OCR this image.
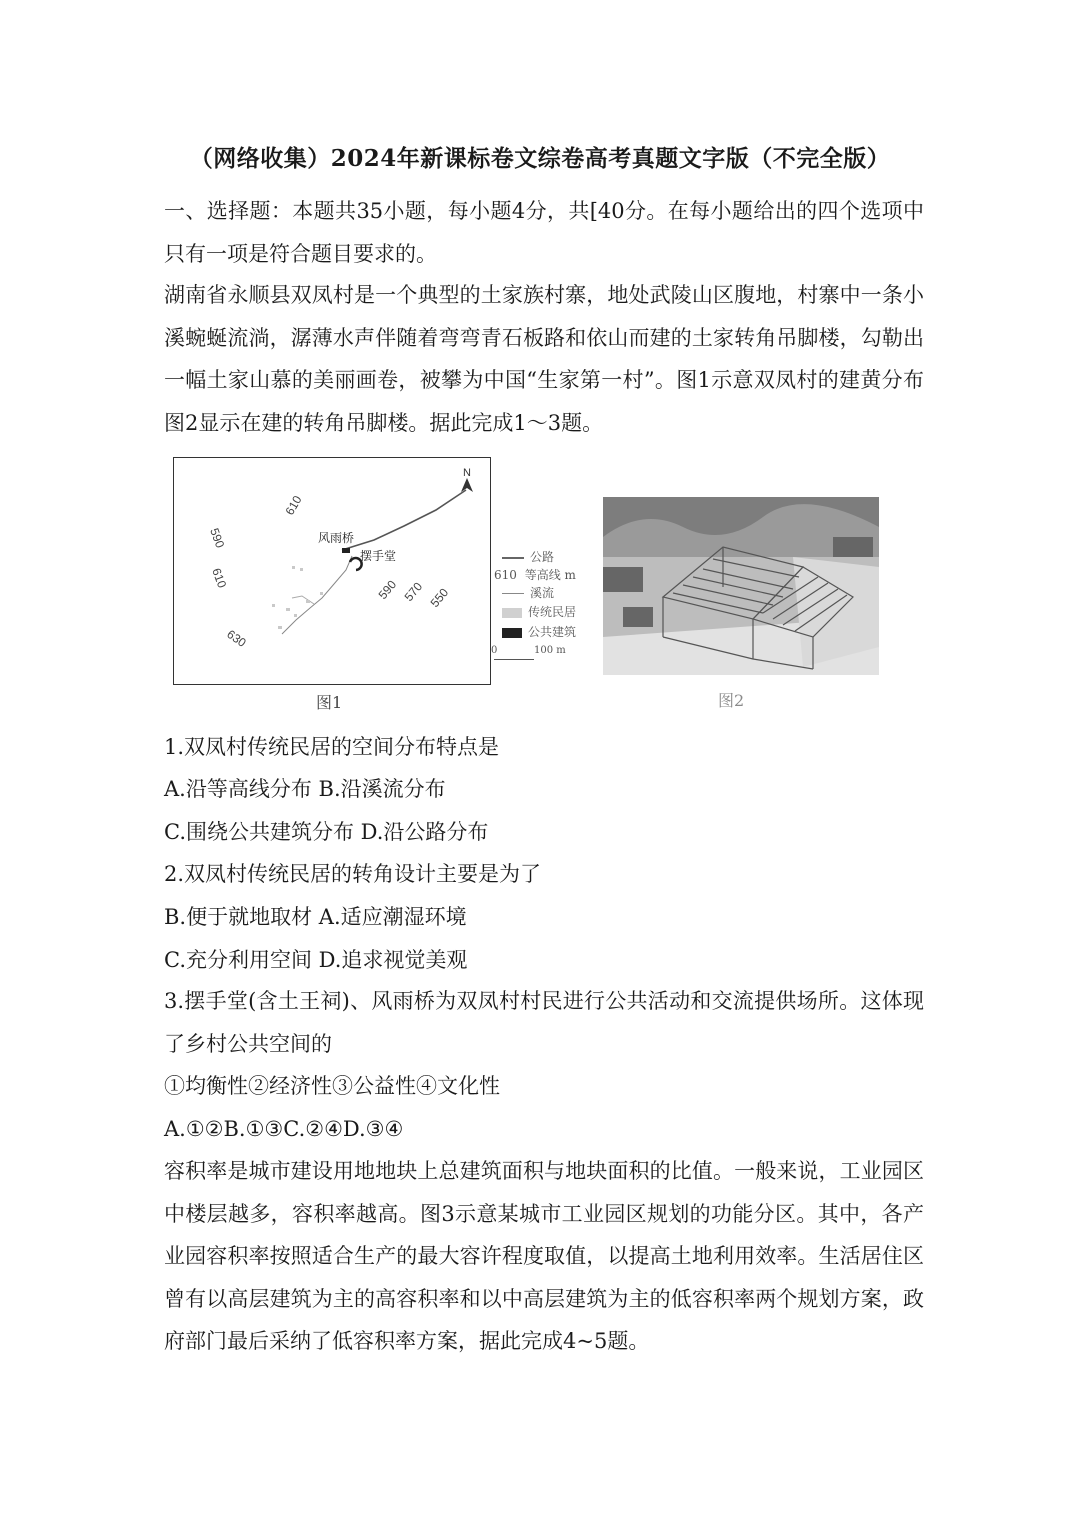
（网络收集）2024年新课标卷文综卷高考真题文字版（不完全版）

一、选择题：本题共35小题，每小题4分，共[40分。在每小题给出的四个选项中只有一项是符合题目要求的。

湖南省永顺县双凤村是一个典型的土家族村寨，地处武陵山区腹地，村寨中一条小溪蜿蜒流淌，潺薄水声伴随着弯弯青石板路和依山而建的土家转角吊脚楼，勾勒出一幅土家山慕的美丽画卷，被攀为中国“生家第一村”。图1示意双凤村的建黄分布图2显示在建的转角吊脚楼。据此完成1～3题。

N
590
610
610
590 570 550
630
风雨桥
摆手堂	公路
610 等高线 m
溪流
传统民居
公共建筑
0	100 m
图1	图2

1.双凤村传统民居的空间分布特点是

A.沿等高线分布 B.沿溪流分布

C.围绕公共建筑分布 D.沿公路分布

2.双凤村传统民居的转角设计主要是为了

B.便于就地取材 A.适应潮湿环境

C.充分利用空间 D.追求视觉美观

3.摆手堂(含土王祠)、风雨桥为双凤村村民进行公共活动和交流提供场所。这体现了乡村公共空间的

①均衡性②经济性③公益性④文化性

A.①②B.①③C.②④D.③④

容积率是城市建设用地地块上总建筑面积与地块面积的比值。一般来说，工业园区中楼层越多，容积率越高。图3示意某城市工业园区规划的功能分区。其中，各产业园容积率按照适合生产的最大容许程度取值，以提高土地利用效率。生活居住区曾有以高层建筑为主的高容积率和以中高层建筑为主的低容积率两个规划方案，政府部门最后采纳了低容积率方案，据此完成4~5题。
